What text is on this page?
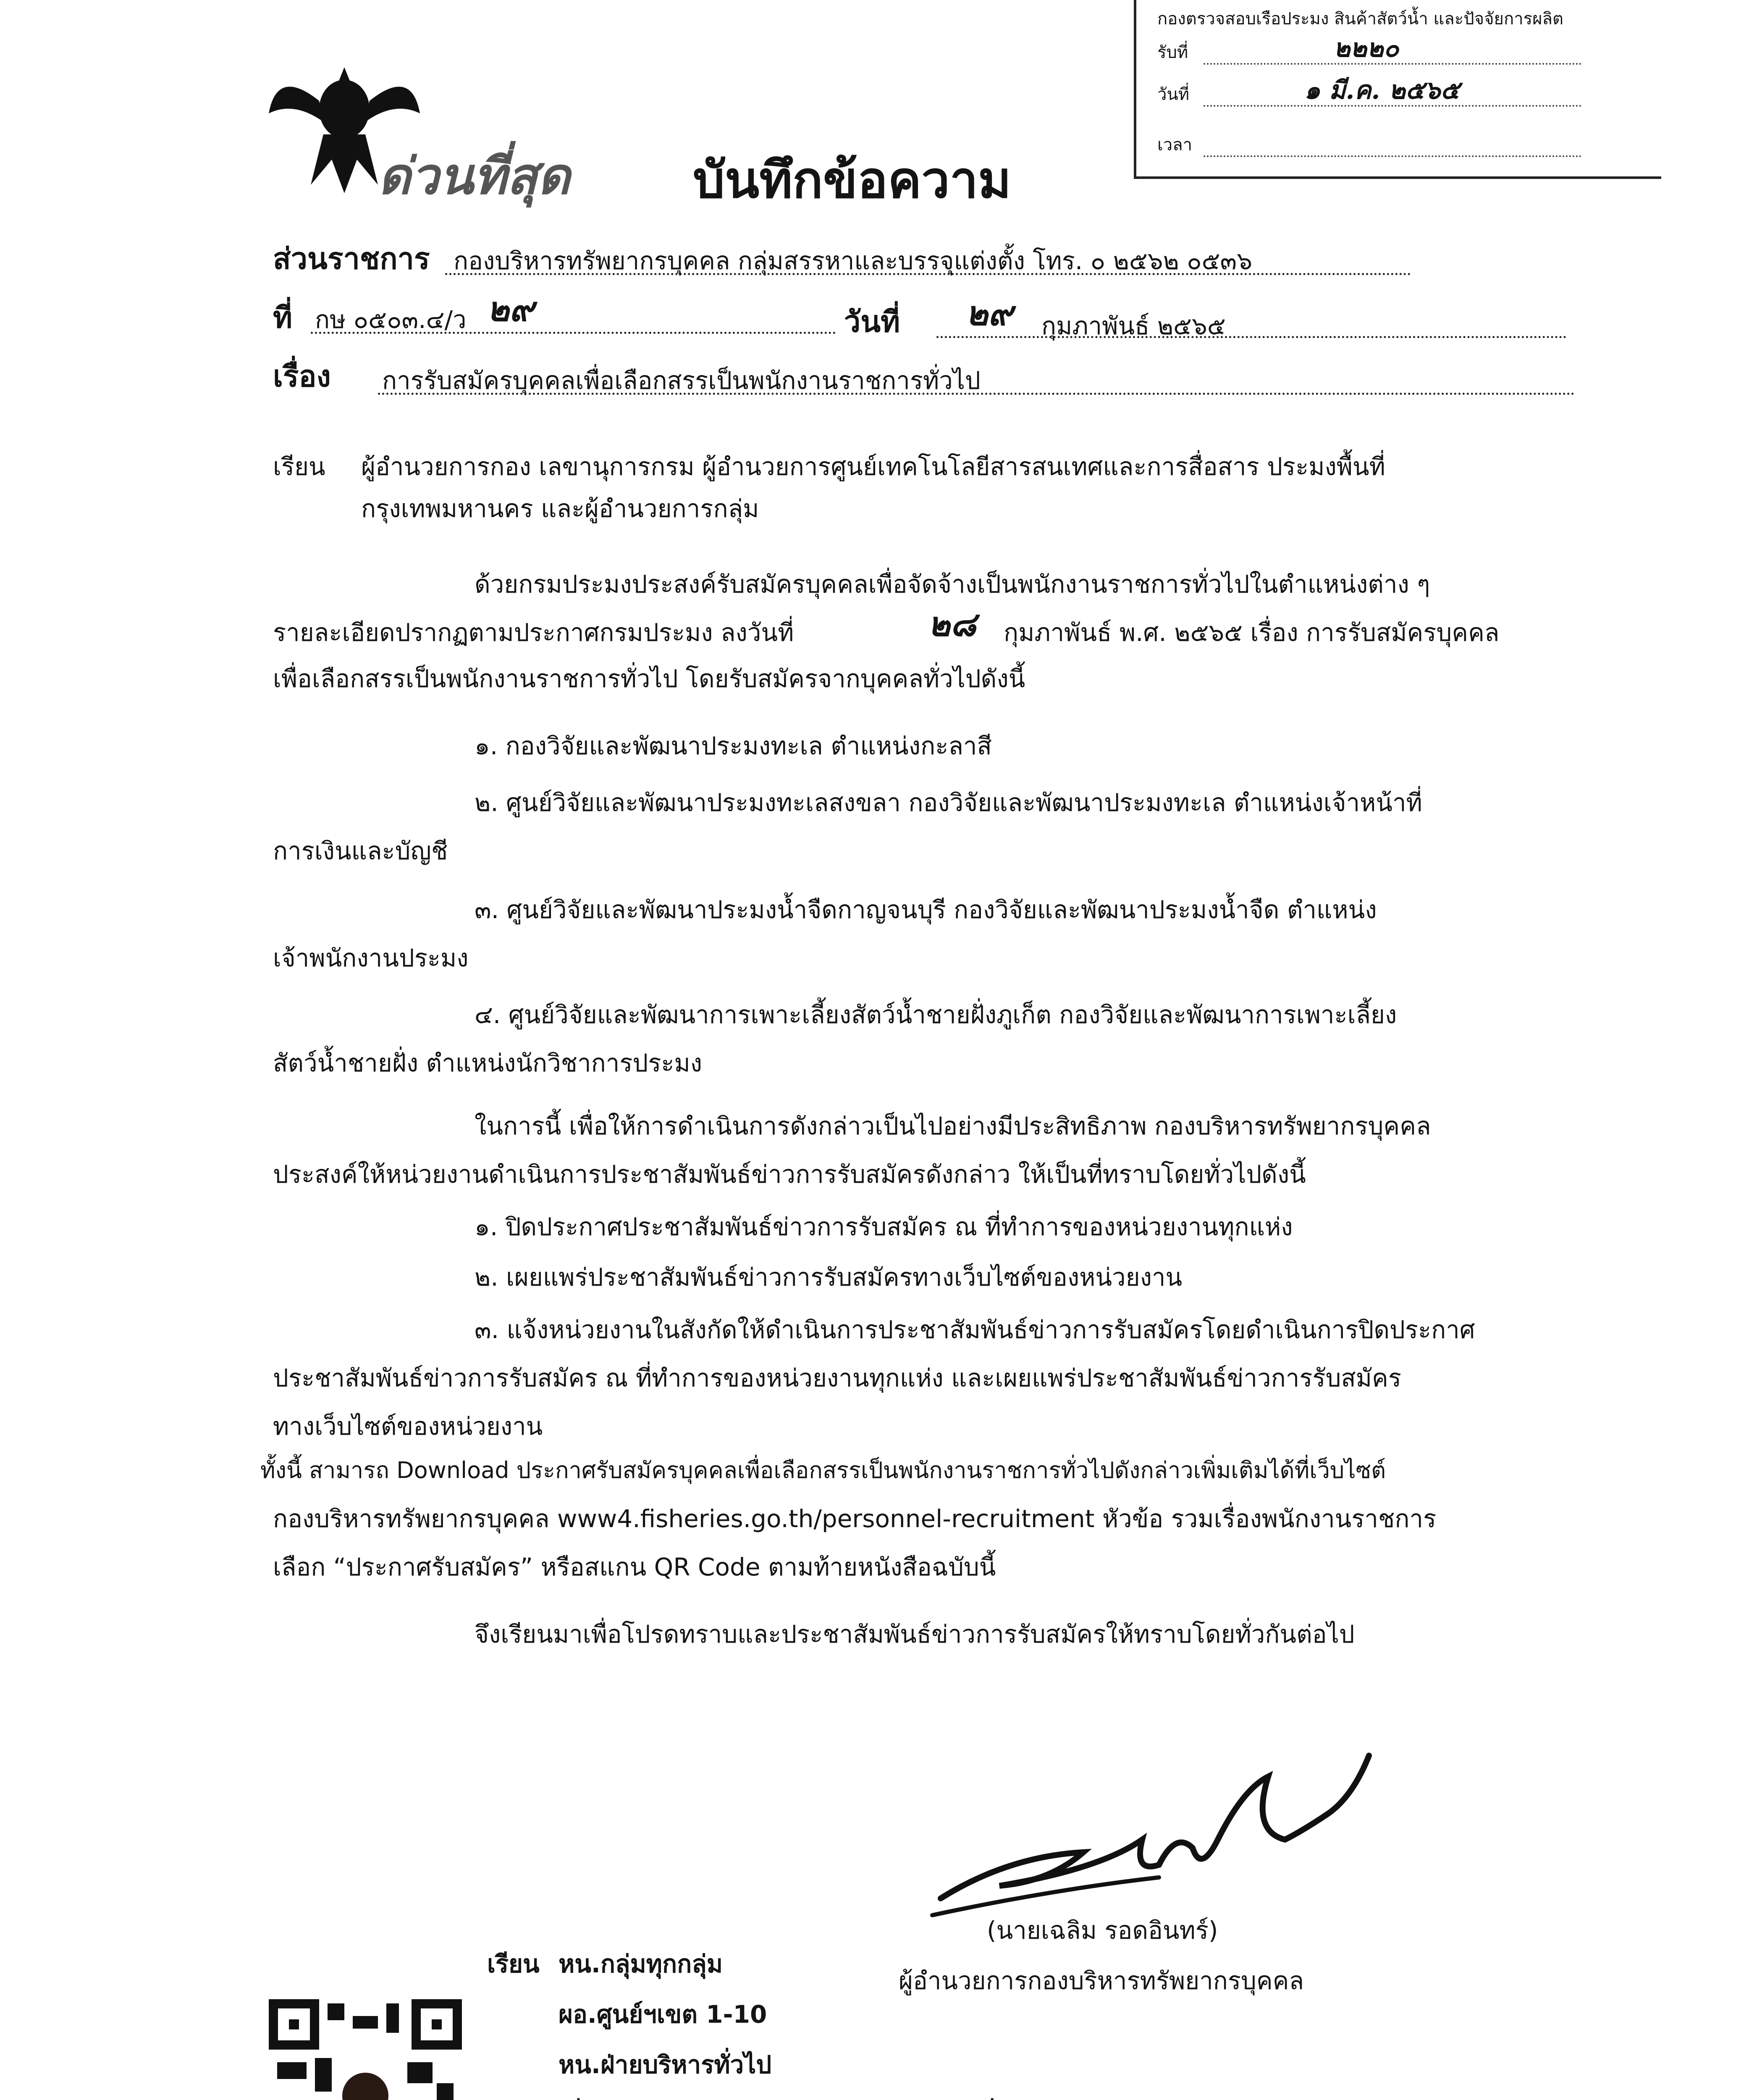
กองตรวจสอบเรือประมง สินค้าสัตว์น้ำ และปัจจัยการผลิต
รับที่	๒๒๒๐
วันที่	๑ มี.ค. ๒๕๖๕
เวลา
ด่วนที่สุด บันทึกข้อความ
ส่วนราชการ กองบริหารทรัพยากรบุคคล กลุ่มสรรหาและบรรจุแต่งตั้ง โทร. ๐ ๒๕๖๒ ๐๕๓๖
ที่ กษ ๐๕๐๓.๔/ว ๒๙	วันที่ ๒๙ กุมภาพันธ์ ๒๕๖๕
เรื่อง การรับสมัครบุคคลเพื่อเลือกสรรเป็นพนักงานราชการทั่วไป
เรียน ผู้อำนวยการกอง เลขานุการกรม ผู้อำนวยการศูนย์เทคโนโลยีสารสนเทศและการสื่อสาร ประมงพื้นที่
กรุงเทพมหานคร และผู้อำนวยการกลุ่ม
ด้วยกรมประมงประสงค์รับสมัครบุคคลเพื่อจัดจ้างเป็นพนักงานราชการทั่วไปในตำแหน่งต่าง ๆ
รายละเอียดปรากฏตามประกาศกรมประมง ลงวันที่	๒๘ กุมภาพันธ์ พ.ศ. ๒๕๖๕ เรื่อง การรับสมัครบุคคล
เพื่อเลือกสรรเป็นพนักงานราชการทั่วไป โดยรับสมัครจากบุคคลทั่วไปดังนี้
๑. กองวิจัยและพัฒนาประมงทะเล ตำแหน่งกะลาสี
๒. ศูนย์วิจัยและพัฒนาประมงทะเลสงขลา กองวิจัยและพัฒนาประมงทะเล ตำแหน่งเจ้าหน้าที่
การเงินและบัญชี
๓. ศูนย์วิจัยและพัฒนาประมงน้ำจืดกาญจนบุรี กองวิจัยและพัฒนาประมงน้ำจืด ตำแหน่ง
เจ้าพนักงานประมง
๔. ศูนย์วิจัยและพัฒนาการเพาะเลี้ยงสัตว์น้ำชายฝั่งภูเก็ต กองวิจัยและพัฒนาการเพาะเลี้ยง
สัตว์น้ำชายฝั่ง ตำแหน่งนักวิชาการประมง
ในการนี้ เพื่อให้การดำเนินการดังกล่าวเป็นไปอย่างมีประสิทธิภาพ กองบริหารทรัพยากรบุคคล
ประสงค์ให้หน่วยงานดำเนินการประชาสัมพันธ์ข่าวการรับสมัครดังกล่าว ให้เป็นที่ทราบโดยทั่วไปดังนี้
๑. ปิดประกาศประชาสัมพันธ์ข่าวการรับสมัคร ณ ที่ทำการของหน่วยงานทุกแห่ง
๒. เผยแพร่ประชาสัมพันธ์ข่าวการรับสมัครทางเว็บไซต์ของหน่วยงาน
๓. แจ้งหน่วยงานในสังกัดให้ดำเนินการประชาสัมพันธ์ข่าวการรับสมัครโดยดำเนินการปิดประกาศ
ประชาสัมพันธ์ข่าวการรับสมัคร ณ ที่ทำการของหน่วยงานทุกแห่ง และเผยแพร่ประชาสัมพันธ์ข่าวการรับสมัคร
ทางเว็บไซต์ของหน่วยงาน
ทั้งนี้ สามารถ Download ประกาศรับสมัครบุคคลเพื่อเลือกสรรเป็นพนักงานราชการทั่วไปดังกล่าวเพิ่มเติมได้ที่เว็บไซต์
กองบริหารทรัพยากรบุคคล www4.fisheries.go.th/personnel-recruitment หัวข้อ รวมเรื่องพนักงานราชการ
เลือก “ประกาศรับสมัคร” หรือสแกน QR Code ตามท้ายหนังสือฉบับนี้
จึงเรียนมาเพื่อโปรดทราบและประชาสัมพันธ์ข่าวการรับสมัครให้ทราบโดยทั่วกันต่อไป
(นายเฉลิม รอดอินทร์)
ผู้อำนวยการกองบริหารทรัพยากรบุคคล
เรียน หน.กลุ่มทุกกลุ่ม
ผอ.ศูนย์ฯเขต 1-10
หน.ฝ่ายบริหารทั่วไป
